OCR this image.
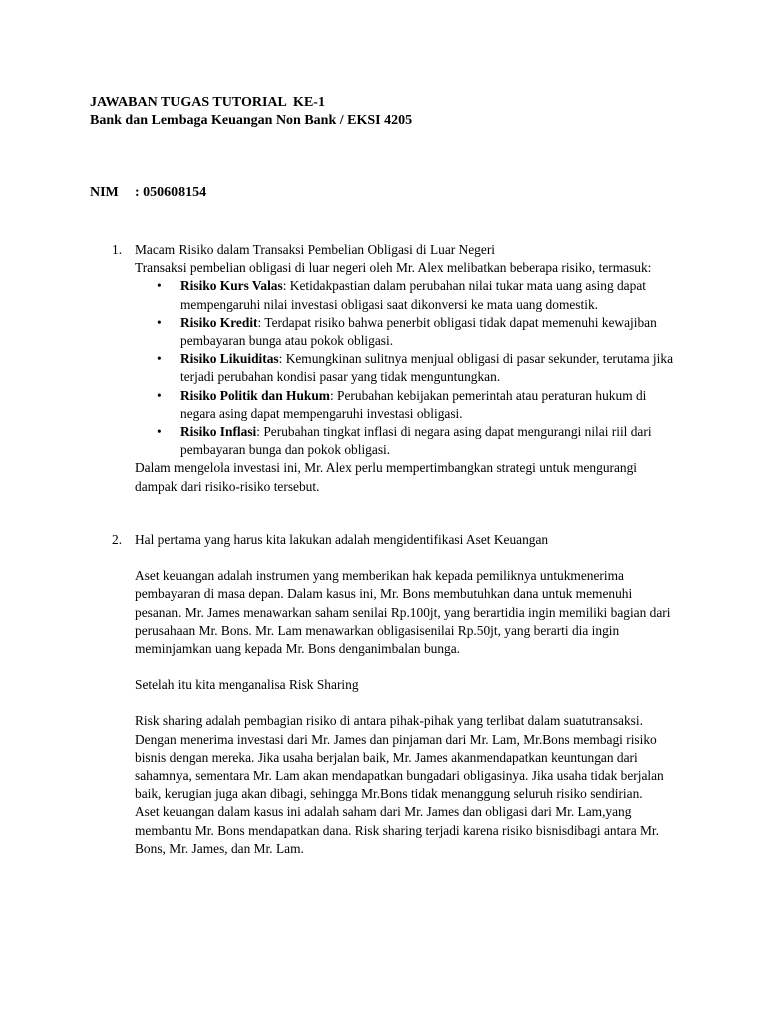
JAWABAN TUGAS TUTORIAL  KE-1
Bank dan Lembaga Keuangan Non Bank / EKSI 4205
NIM : 050608154
1. Macam Risiko dalam Transaksi Pembelian Obligasi di Luar Negeri

Transaksi pembelian obligasi di luar negeri oleh Mr. Alex melibatkan beberapa risiko, termasuk:

• Risiko Kurs Valas: Ketidakpastian dalam perubahan nilai tukar mata uang asing dapat mempengaruhi nilai investasi obligasi saat dikonversi ke mata uang domestik.
• Risiko Kredit: Terdapat risiko bahwa penerbit obligasi tidak dapat memenuhi kewajiban pembayaran bunga atau pokok obligasi.
• Risiko Likuiditas: Kemungkinan sulitnya menjual obligasi di pasar sekunder, terutama jika terjadi perubahan kondisi pasar yang tidak menguntungkan.
• Risiko Politik dan Hukum: Perubahan kebijakan pemerintah atau peraturan hukum di negara asing dapat mempengaruhi investasi obligasi.
• Risiko Inflasi: Perubahan tingkat inflasi di negara asing dapat mengurangi nilai riil dari pembayaran bunga dan pokok obligasi.

Dalam mengelola investasi ini, Mr. Alex perlu mempertimbangkan strategi untuk mengurangi dampak dari risiko-risiko tersebut.

2. Hal pertama yang harus kita lakukan adalah mengidentifikasi Aset Keuangan

Aset keuangan adalah instrumen yang memberikan hak kepada pemiliknya untukmenerima pembayaran di masa depan. Dalam kasus ini, Mr. Bons membutuhkan dana untuk memenuhi pesanan. Mr. James menawarkan saham senilai Rp.100jt, yang berartidia ingin memiliki bagian dari perusahaan Mr. Bons. Mr. Lam menawarkan obligasisenilai Rp.50jt, yang berarti dia ingin meminjamkan uang kepada Mr. Bons denganimbalan bunga.

Setelah itu kita menganalisa Risk Sharing

Risk sharing adalah pembagian risiko di antara pihak-pihak yang terlibat dalam suatutransaksi. Dengan menerima investasi dari Mr. James dan pinjaman dari Mr. Lam, Mr.Bons membagi risiko bisnis dengan mereka. Jika usaha berjalan baik, Mr. James akanmendapatkan keuntungan dari sahamnya, sementara Mr. Lam akan mendapatkan bungadari obligasinya. Jika usaha tidak berjalan baik, kerugian juga akan dibagi, sehingga Mr.Bons tidak menanggung seluruh risiko sendirian.

Aset keuangan dalam kasus ini adalah saham dari Mr. James dan obligasi dari Mr. Lam,yang membantu Mr. Bons mendapatkan dana. Risk sharing terjadi karena risiko bisnisdibagi antara Mr. Bons, Mr. James, dan Mr. Lam.
